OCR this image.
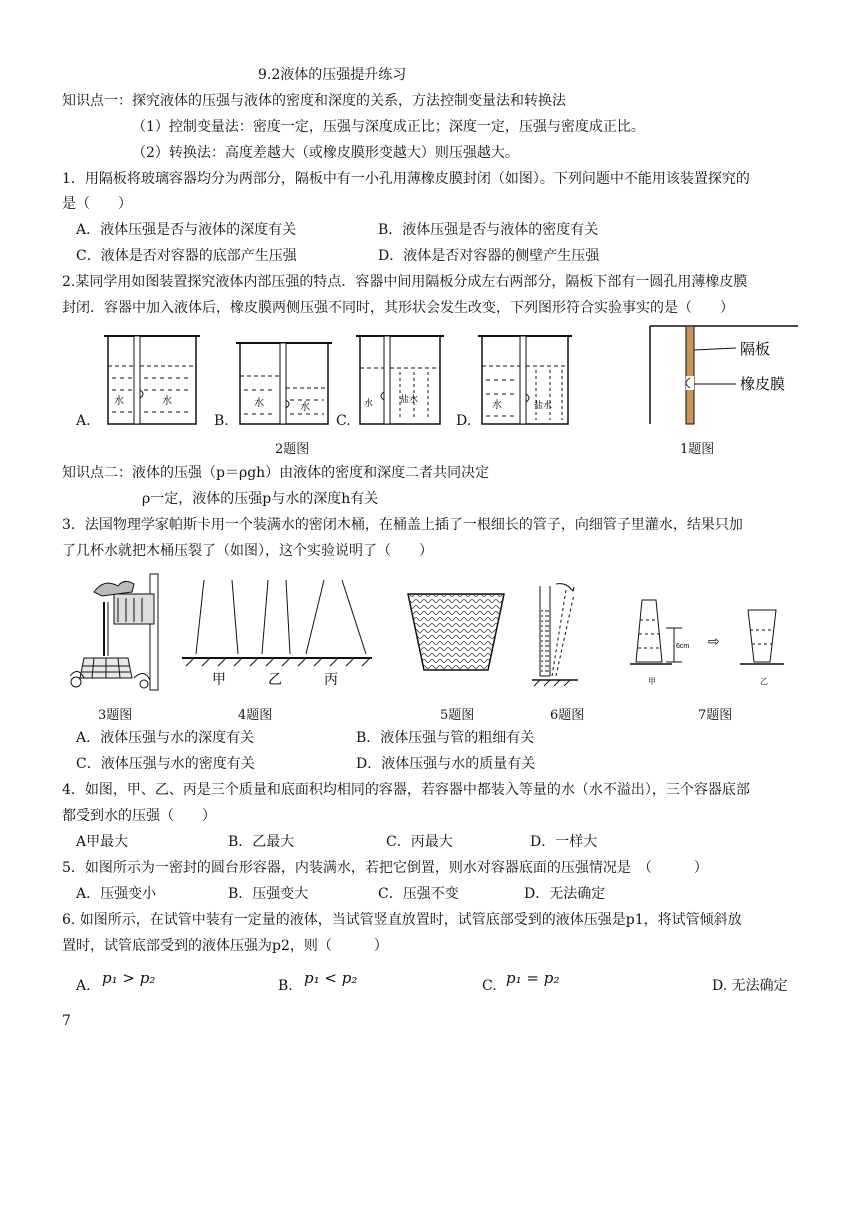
9.2液体的压强提升练习
知识点一：探究液体的压强与液体的密度和深度的关系，方法控制变量法和转换法
（1）控制变量法：密度一定，压强与深度成正比；深度一定，压强与密度成正比。
（2）转换法：高度差越大（或橡皮膜形变越大）则压强越大。
1．用隔板将玻璃容器均分为两部分，隔板中有一小孔用薄橡皮膜封闭（如图）。下列问题中不能用该装置探究的
是（　　）
A．液体压强是否与液体的深度有关	B．液体压强是否与液体的密度有关
C．液体是否对容器的底部产生压强	D．液体是否对容器的侧壁产生压强
2.某同学用如图装置探究液体内部压强的特点．容器中间用隔板分成左右两部分，隔板下部有一圆孔用薄橡皮膜
封闭．容器中加入液体后，橡皮膜两侧压强不同时，其形状会发生改变，下列图形符合实验事实的是（　　）
A.
水	水
B.
水	水
C.
水	盐水
D.
水	盐水
隔板
橡皮膜
2题图	1题图
知识点二：液体的压强（p＝ρgh）由液体的密度和深度二者共同决定
ρ一定，液体的压强p与水的深度h有关
3．法国物理学家帕斯卡用一个装满水的密闭木桶，在桶盖上插了一根细长的管子，向细管子里灌水，结果只加
了几杯水就把木桶压裂了（如图），这个实验说明了（　　）
甲	乙	丙
6cm
甲
⇨
乙
3题图	4题图	5题图	6题图	7题图
A．液体压强与水的深度有关	B．液体压强与管的粗细有关
C．液体压强与水的密度有关	D．液体压强与水的质量有关
4．如图，甲、乙、丙是三个质量和底面积均相同的容器，若容器中都装入等量的水（水不溢出），三个容器底部
都受到水的压强（　　）
A甲最大	B．乙最大	C．丙最大	D．一样大
5．如图所示为一密封的圆台形容器，内装满水，若把它倒置，则水对容器底面的压强情况是　（　　　）
A．压强变小	B．压强变大	C．压强不变	D．无法确定
6. 如图所示，在试管中装有一定量的液体，当试管竖直放置时，试管底部受到的液体压强是p1，将试管倾斜放
置时，试管底部受到的液体压强为p2，则（　　　）
A. p₁ > p₂	B. p₁ < p₂	C. p₁ = p₂	D. 无法确定
7
